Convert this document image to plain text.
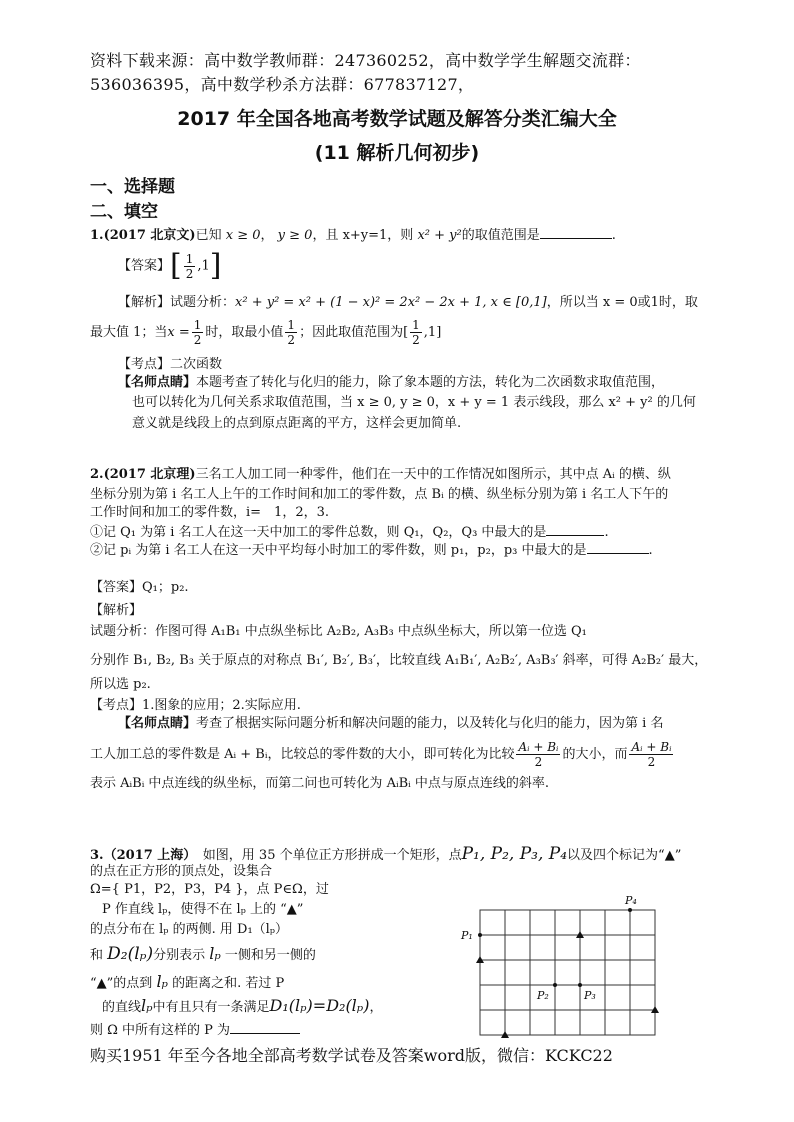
资料下载来源：高中数学教师群：247360252，高中数学学生解题交流群：
536036395，高中数学秒杀方法群：677837127，
2017 年全国各地高考数学试题及解答分类汇编大全
(11 解析几何初步)
一、选择题
二、填空
1.(2017 北京文)已知 x ≥ 0， y ≥ 0，且 x+y=1，则 x² + y²的取值范围是	.
【答案】[ $\frac{1}{2} ,1$]
【解析】试题分析：x² + y² = x² + (1 − x)² = 2x² − 2x + 1, x ∈ [0,1]，所以当 x = 0或1时，取
最大值 1；当$x = \frac{1}{2}$ 时，取最小值 $\frac{1}{2}$ ；因此取值范围为[ $\frac{1}{2} ,1$]
【考点】二次函数
【名师点睛】本题考查了转化与化归的能力，除了象本题的方法，转化为二次函数求取值范围，
也可以转化为几何关系求取值范围，当 x ≥ 0, y ≥ 0，x + y = 1 表示线段，那么 x² + y² 的几何
意义就是线段上的点到原点距离的平方，这样会更加简单.
2.(2017 北京理)三名工人加工同一种零件，他们在一天中的工作情况如图所示，其中点 Aᵢ 的横、纵
坐标分别为第 i 名工人上午的工作时间和加工的零件数，点 Bᵢ 的横、纵坐标分别为第 i 名工人下午的
工作时间和加工的零件数，i=　1，2，3.
①记 Q₁ 为第 i 名工人在这一天中加工的零件总数，则 Q₁，Q₂，Q₃ 中最大的是	.
②记 pᵢ 为第 i 名工人在这一天中平均每小时加工的零件数，则 p₁，p₂，p₃ 中最大的是	.
【答案】Q₁；p₂.
【解析】
试题分析：作图可得 A₁B₁ 中点纵坐标比 A₂B₂, A₃B₃ 中点纵坐标大，所以第一位选 Q₁
分别作 B₁, B₂, B₃ 关于原点的对称点 B₁′, B₂′, B₃′，比较直线 A₁B₁′, A₂B₂′, A₃B₃′ 斜率，可得 A₂B₂′ 最大，
所以选 p₂.
【考点】1.图象的应用；2.实际应用.
【名师点睛】考查了根据实际问题分析和解决问题的能力，以及转化与化归的能力，因为第 i 名
工人加工总的零件数是 Aᵢ + Bᵢ，比较总的零件数的大小，即可转化为比较 $\frac{\text{Aᵢ + Bᵢ}}{2}$ 的大小，而 $\frac{\text{Aᵢ + Bᵢ}}{2}$
表示 AᵢBᵢ 中点连线的纵坐标，而第二问也可转化为 AᵢBᵢ 中点与原点连线的斜率.
3.（2017 上海）　 如图，用 35 个单位正方形拼成一个矩形，点P₁, P₂, P₃, P₄以及四个标记为“▲”
的点在正方形的顶点处，设集合
Ω={ P1，P2，P3，P4 }，点 P∈Ω，过
P 作直线 lₚ，使得不在 lₚ 上的 “▲”
的点分布在 lₚ 的两侧. 用 D₁（lₚ）
和 D₂(lₚ)分别表示 lₚ 一侧和另一侧的
“▲”的点到 lₚ 的距离之和. 若过 P
的直线lₚ中有且只有一条满足D₁(lₚ)=D₂(lₚ)，
则 Ω 中所有这样的 P 为
P₁
P₄
P₂	P₃
购买1951 年至今各地全部高考数学试卷及答案word版，微信：KCKC22
